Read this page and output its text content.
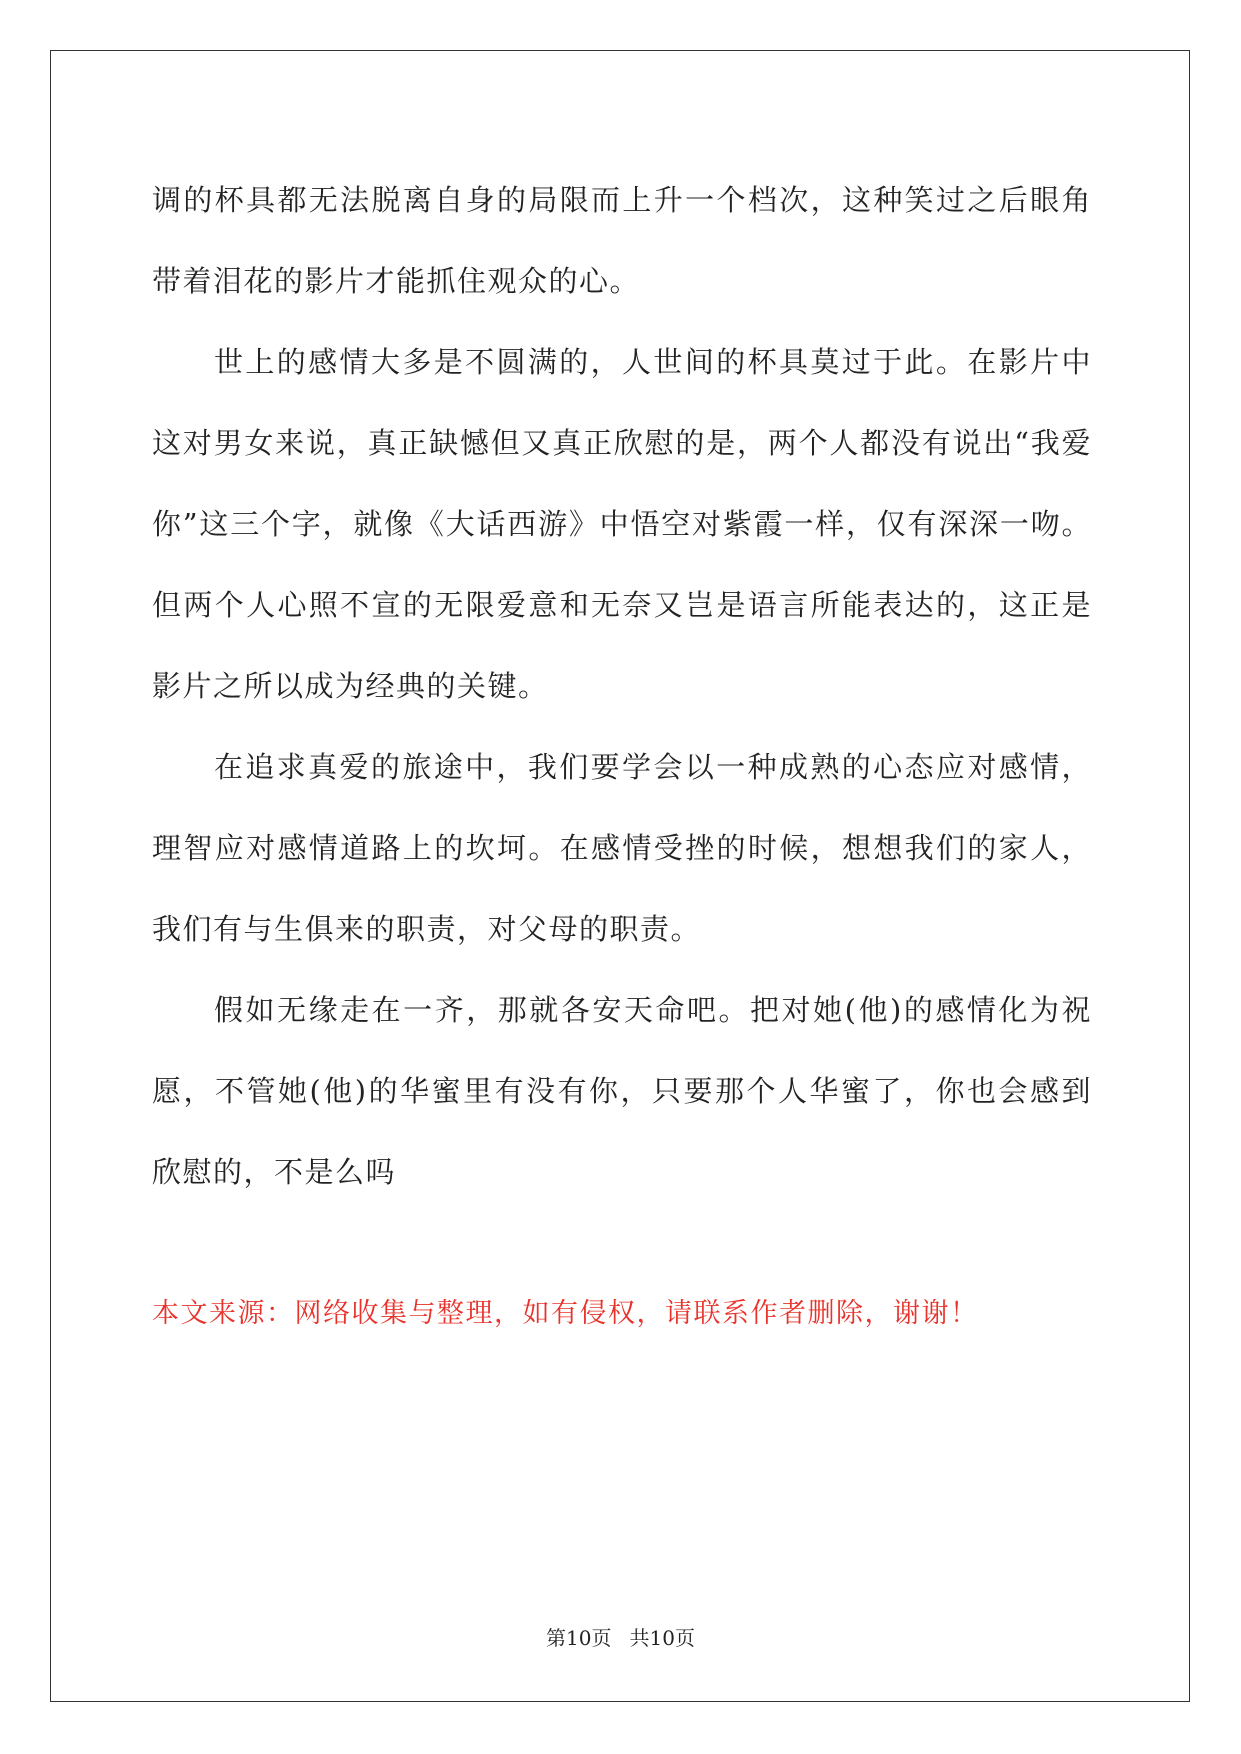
调的杯具都无法脱离自身的局限而上升一个档次，这种笑过之后眼角带着泪花的影片才能抓住观众的心。

世上的感情大多是不圆满的，人世间的杯具莫过于此。在影片中这对男女来说，真正缺憾但又真正欣慰的是，两个人都没有说出“我爱你”这三个字，就像《大话西游》中悟空对紫霞一样，仅有深深一吻。但两个人心照不宣的无限爱意和无奈又岂是语言所能表达的，这正是影片之所以成为经典的关键。

在追求真爱的旅途中，我们要学会以一种成熟的心态应对感情，理智应对感情道路上的坎坷。在感情受挫的时候，想想我们的家人，我们有与生俱来的职责，对父母的职责。

假如无缘走在一齐，那就各安天命吧。把对她(他)的感情化为祝愿，不管她(他)的华蜜里有没有你，只要那个人华蜜了，你也会感到欣慰的，不是么吗

本文来源：网络收集与整理，如有侵权，请联系作者删除，谢谢！

第10页 共10页
